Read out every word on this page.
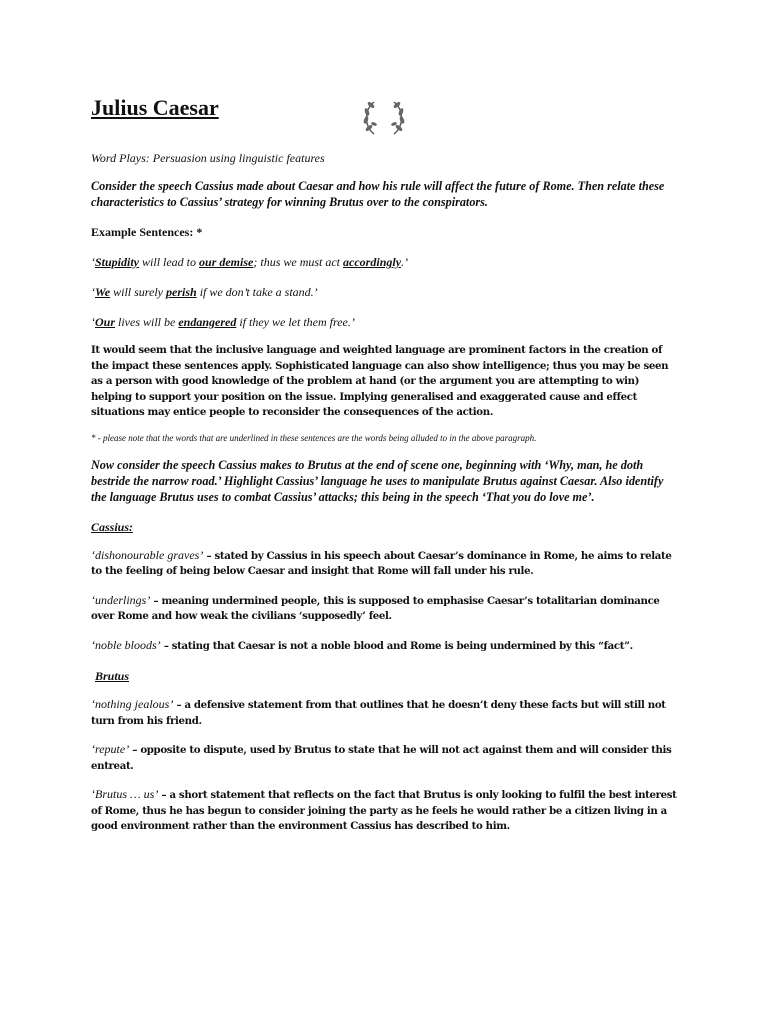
Julius Caesar

Word Plays: Persuasion using linguistic features

Consider the speech Cassius made about Caesar and how his rule will affect the future of Rome. Then relate these characteristics to Cassius’ strategy for winning Brutus over to the conspirators.

Example Sentences: *

‘Stupidity will lead to our demise; thus we must act accordingly.’

‘We will surely perish if we don’t take a stand.’

‘Our lives will be endangered if they we let them free.’

It would seem that the inclusive language and weighted language are prominent factors in the creation of the impact these sentences apply. Sophisticated language can also show intelligence; thus you may be seen as a person with good knowledge of the problem at hand (or the argument you are attempting to win) helping to support your position on the issue. Implying generalised and exaggerated cause and effect situations may entice people to reconsider the consequences of the action.

* - please note that the words that are underlined in these sentences are the words being alluded to in the above paragraph.

Now consider the speech Cassius makes to Brutus at the end of scene one, beginning with ‘Why, man, he doth bestride the narrow road.’ Highlight Cassius’ language he uses to manipulate Brutus against Caesar. Also identify the language Brutus uses to combat Cassius’ attacks; this being in the speech ‘That you do love me’.

Cassius:

‘dishonourable graves’ – stated by Cassius in his speech about Caesar’s dominance in Rome, he aims to relate to the feeling of being below Caesar and insight that Rome will fall under his rule.

‘underlings’ – meaning undermined people, this is supposed to emphasise Caesar’s totalitarian dominance over Rome and how weak the civilians ‘supposedly’ feel.

‘noble bloods’ – stating that Caesar is not a noble blood and Rome is being undermined by this “fact”.

Brutus

‘nothing jealous’ – a defensive statement from that outlines that he doesn’t deny these facts but will still not turn from his friend.

‘repute’ – opposite to dispute, used by Brutus to state that he will not act against them and will consider this entreat.

‘Brutus … us’ – a short statement that reflects on the fact that Brutus is only looking to fulfil the best interest of Rome, thus he has begun to consider joining the party as he feels he would rather be a citizen living in a good environment rather than the environment Cassius has described to him.
